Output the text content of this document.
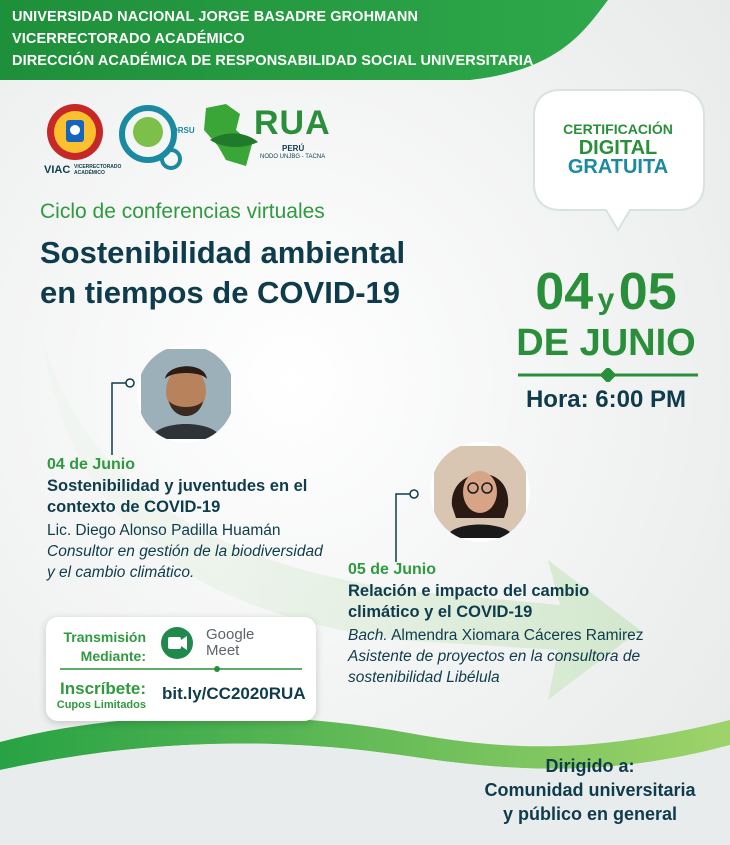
UNIVERSIDAD NACIONAL JORGE BASADRE GROHMANN
VICERRECTORADO ACADÉMICO
DIRECCIÓN ACADÉMICA DE RESPONSABILIDAD SOCIAL UNIVERSITARIA
VIAC VICERRECTORADO
ACADÉMICO
DRSU RUA
PERÚ
NODO UNJBG - TACNA
CERTIFICACIÓN
DIGITAL
GRATUITA
Ciclo de conferencias virtuales
Sostenibilidad ambiental
en tiempos de COVID-19	04 y 05
DE JUNIO
Hora: 6:00 PM
04 de Junio
Sostenibilidad y juventudes en el contexto de COVID-19
Lic. Diego Alonso Padilla Huamán
Consultor en gestión de la biodiversidad y el cambio climático.	05 de Junio
Relación e impacto del cambio climático y el COVID-19
Bach. Almendra Xiomara Cáceres Ramirez
Asistente de proyectos en la consultora de sostenibilidad Libélula
Transmisión
Mediante:
Google
Meet
Inscríbete:
Cupos Limitados
bit.ly/CC2020RUA
Dirigido a:
Comunidad universitaria
y público en general
